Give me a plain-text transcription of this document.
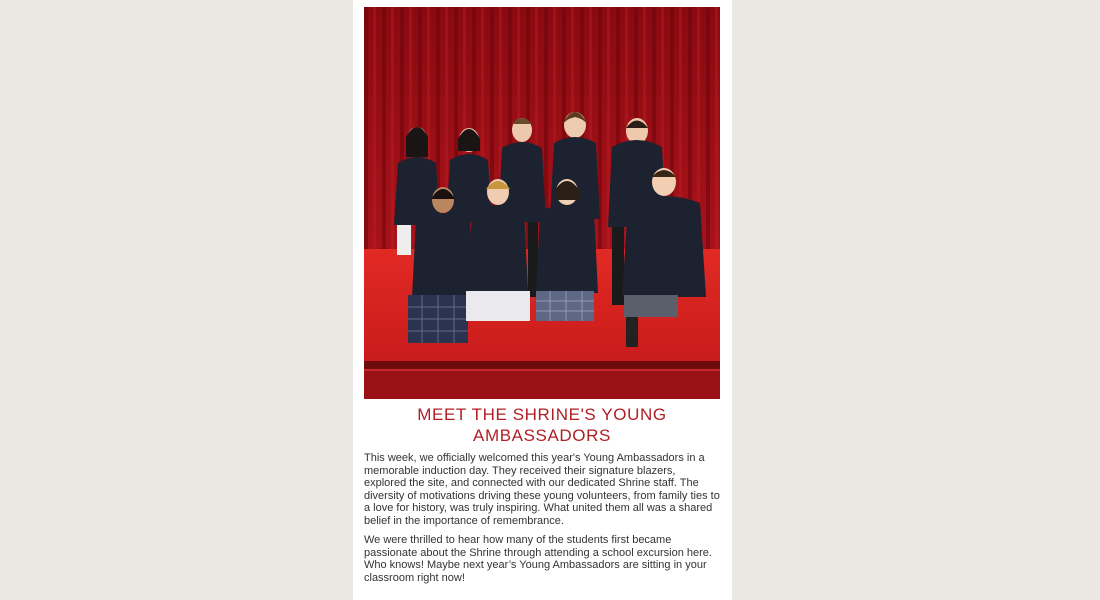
MEET THE SHRINE'S YOUNG AMBASSADORS

This week, we officially welcomed this year's Young Ambassadors in a memorable induction day. They received their signature blazers, explored the site, and connected with our dedicated Shrine staff. The diversity of motivations driving these young volunteers, from family ties to a love for history, was truly inspiring. What united them all was a shared belief in the importance of remembrance.

We were thrilled to hear how many of the students first became passionate about the Shrine through attending a school excursion here. Who knows! Maybe next year’s Young Ambassadors are sitting in your classroom right now!
